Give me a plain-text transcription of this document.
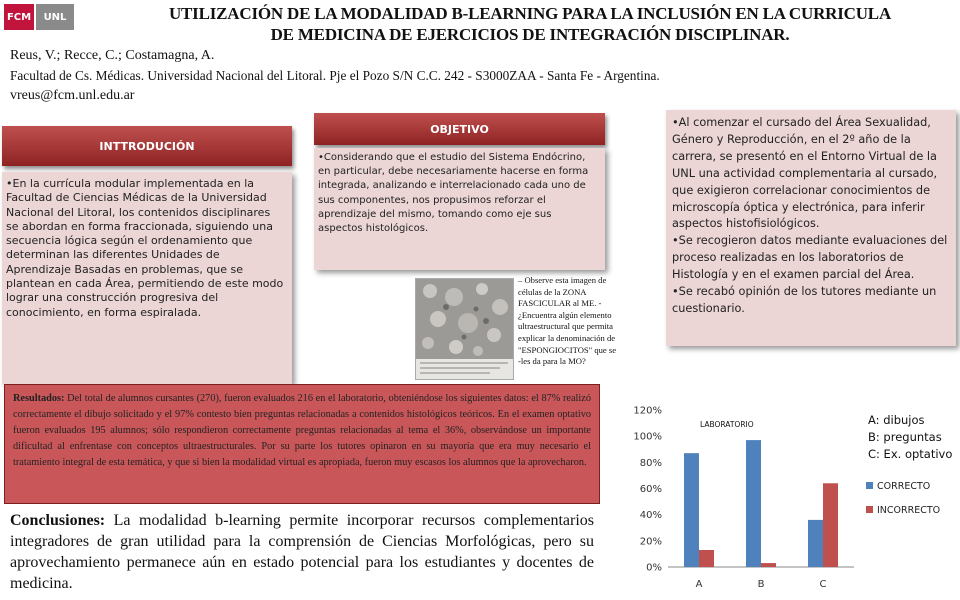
FCM UNL	UTILIZACIÓN DE LA MODALIDAD B-LEARNING PARA LA INCLUSIÓN EN LA CURRICULA
DE MEDICINA DE EJERCICIOS DE INTEGRACIÓN DISCIPLINAR.
Reus, V.; Recce, C.; Costamagna, A.
Facultad de Cs. Médicas. Universidad Nacional del Litoral. Pje el Pozo S/N C.C. 242 - S3000ZAA - Santa Fe - Argentina.
vreus@fcm.unl.edu.ar
INTTRODUCIÓN
•En la currícula modular implementada en la Facultad de Ciencias Médicas de la Universidad Nacional del Litoral, los contenidos disciplinares se abordan en forma fraccionada, siguiendo una secuencia lógica según el ordenamiento que determinan las diferentes Unidades de Aprendizaje Basadas en problemas, que se plantean en cada Área, permitiendo de este modo lograr una construcción progresiva del conocimiento, en forma espiralada.
OBJETIVO
•Considerando que el estudio del Sistema Endócrino, en particular, debe necesariamente hacerse en forma integrada, analizando e interrelacionado cada uno de sus componentes, nos propusimos reforzar el aprendizaje del mismo, tomando como eje sus aspectos histológicos.
•Al comenzar el cursado del Área Sexualidad, Género y Reproducción, en el 2º año de la carrera, se presentó en el Entorno Virtual de la UNL una actividad complementaria al cursado, que exigieron correlacionar conocimientos de microscopía óptica y electrónica, para inferir aspectos histofisiológicos.
•Se recogieron datos mediante evaluaciones del proceso realizadas en los laboratorios de Histología y en el examen parcial del Área.
•Se recabó opinión de los tutores mediante un cuestionario.
– Observe esta imagen de células de la ZONA FASCICULAR al ME. -¿Encuentra algún elemento ultraestructural que permita explicar la denominación de "ESPONGIOCITOS" que se -les da para la MO?
Resultados: Del total de alumnos cursantes (270), fueron evaluados 216 en el laboratorio, obteniéndose los siguientes datos: el 87% realizó correctamente el dibujo solicitado y el 97% contesto bien preguntas relacionadas a contenidos histológicos teóricos. En el examen optativo fueron evaluados 195 alumnos; sólo respondieron correctamente preguntas relacionadas al tema el 36%, observándose un importante dificultad al enfrentase con conceptos ultraestructurales. Por su parte los tutores opinaron en su mayoría que era muy necesario el tratamiento integral de esta temática, y que si bien la modalidad virtual es apropiada, fueron muy escasos los alumnos que la aprovecharon.
Conclusiones: La modalidad b-learning permite incorporar recursos complementarios integradores de gran utilidad para la comprensión de Ciencias Morfológicas, pero su aprovechamiento permanece aún en estado potencial para los estudiantes y docentes de medicina.
0%
20%
40%
60%
80%
100%
120%
LABORATORIO
A	B	C
CORRECTO
INCORRECTO
A: dibujos
B: preguntas
C: Ex. optativo
